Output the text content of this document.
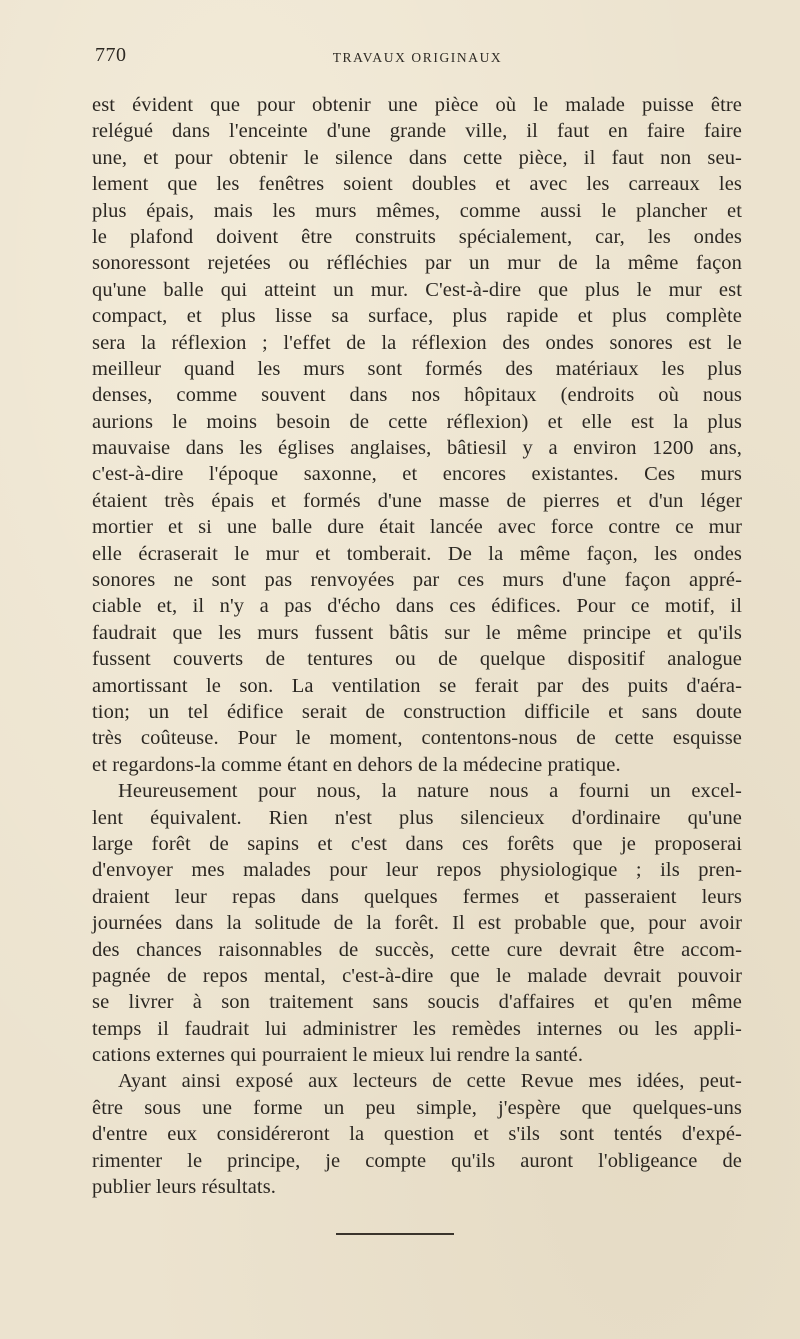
770	TRAVAUX ORIGINAUX
est évident que pour obtenir une pièce où le malade puisse être
relégué dans l'enceinte d'une grande ville, il faut en faire faire
une, et pour obtenir le silence dans cette pièce, il faut non seu-
lement que les fenêtres soient doubles et avec les carreaux les
plus épais, mais les murs mêmes, comme aussi le plancher et
le plafond doivent être construits spécialement, car, les ondes
sonoressont rejetées ou réfléchies par un mur de la même façon
qu'une balle qui atteint un mur. C'est-à-dire que plus le mur est
compact, et plus lisse sa surface, plus rapide et plus complète
sera la réflexion ; l'effet de la réflexion des ondes sonores est le
meilleur quand les murs sont formés des matériaux les plus
denses, comme souvent dans nos hôpitaux (endroits où nous
aurions le moins besoin de cette réflexion) et elle est la plus
mauvaise dans les églises anglaises, bâtiesil y a environ 1200 ans,
c'est-à-dire l'époque saxonne, et encores existantes. Ces murs
étaient très épais et formés d'une masse de pierres et d'un léger
mortier et si une balle dure était lancée avec force contre ce mur
elle écraserait le mur et tomberait. De la même façon, les ondes
sonores ne sont pas renvoyées par ces murs d'une façon appré-
ciable et, il n'y a pas d'écho dans ces édifices. Pour ce motif, il
faudrait que les murs fussent bâtis sur le même principe et qu'ils
fussent couverts de tentures ou de quelque dispositif analogue
amortissant le son. La ventilation se ferait par des puits d'aéra-
tion; un tel édifice serait de construction difficile et sans doute
très coûteuse. Pour le moment, contentons-nous de cette esquisse
et regardons-la comme étant en dehors de la médecine pratique.
Heureusement pour nous, la nature nous a fourni un excel-
lent équivalent. Rien n'est plus silencieux d'ordinaire qu'une
large forêt de sapins et c'est dans ces forêts que je proposerai
d'envoyer mes malades pour leur repos physiologique ; ils pren-
draient leur repas dans quelques fermes et passeraient leurs
journées dans la solitude de la forêt. Il est probable que, pour avoir
des chances raisonnables de succès, cette cure devrait être accom-
pagnée de repos mental, c'est-à-dire que le malade devrait pouvoir
se livrer à son traitement sans soucis d'affaires et qu'en même
temps il faudrait lui administrer les remèdes internes ou les appli-
cations externes qui pourraient le mieux lui rendre la santé.
Ayant ainsi exposé aux lecteurs de cette Revue mes idées, peut-
être sous une forme un peu simple, j'espère que quelques-uns
d'entre eux considéreront la question et s'ils sont tentés d'expé-
rimenter le principe, je compte qu'ils auront l'obligeance de
publier leurs résultats.
